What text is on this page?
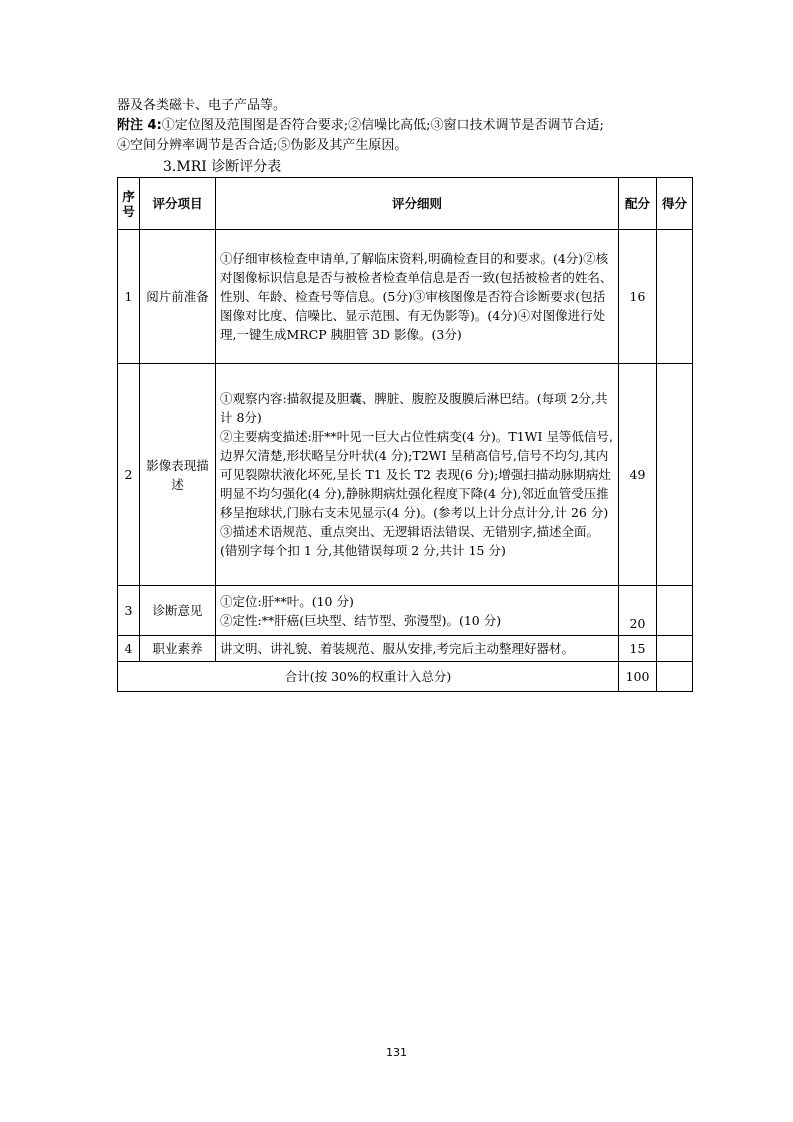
器及各类磁卡、电子产品等。
附注 4:①定位图及范围图是否符合要求;②信噪比高低;③窗口技术调节是否调节合适;
④空间分辨率调节是否合适;⑤伪影及其产生原因。
3.MRI 诊断评分表
序号	评分项目	评分细则	配分	得分
1	阅片前准备	①仔细审核检查申请单,了解临床资料,明确检查目的和要求。(4分)②核对图像标识信息是否与被检者检查单信息是否一致(包括被检者的姓名、性别、年龄、检查号等信息。(5分)③审核图像是否符合诊断要求(包括图像对比度、信噪比、显示范围、有无伪影等)。(4分)④对图像进行处理,一键生成MRCP 胰胆管 3D 影像。(3分)	16	
2	影像表现描述	①观察内容:描叙提及胆囊、脾脏、腹腔及腹膜后淋巴结。(每项 2分,共计 8分)

②主要病变描述:肝**叶见一巨大占位性病变(4 分)。T1WI 呈等低信号,边界欠清楚,形状略呈分叶状(4 分);T2WI 呈稍高信号,信号不均匀,其内可见裂隙状液化坏死,呈长 T1 及长 T2 表现(6 分);增强扫描动脉期病灶明显不均匀强化(4 分),静脉期病灶强化程度下降(4 分),邻近血管受压推移呈抱球状,门脉右支未见显示(4 分)。(参考以上计分点计分,计 26 分)

③描述术语规范、重点突出、无逻辑语法错误、无错别字,描述全面。(错别字每个扣 1 分,其他错误每项 2 分,共计 15 分)	49	
3	诊断意见	①定位:肝**叶。(10 分)

②定性:**肝癌(巨块型、结节型、弥漫型)。(10 分)	20	
4	职业素养	讲文明、讲礼貌、着装规范、服从安排,考完后主动整理好器材。	15	
合计(按 30%的权重计入总分)			100	
131
